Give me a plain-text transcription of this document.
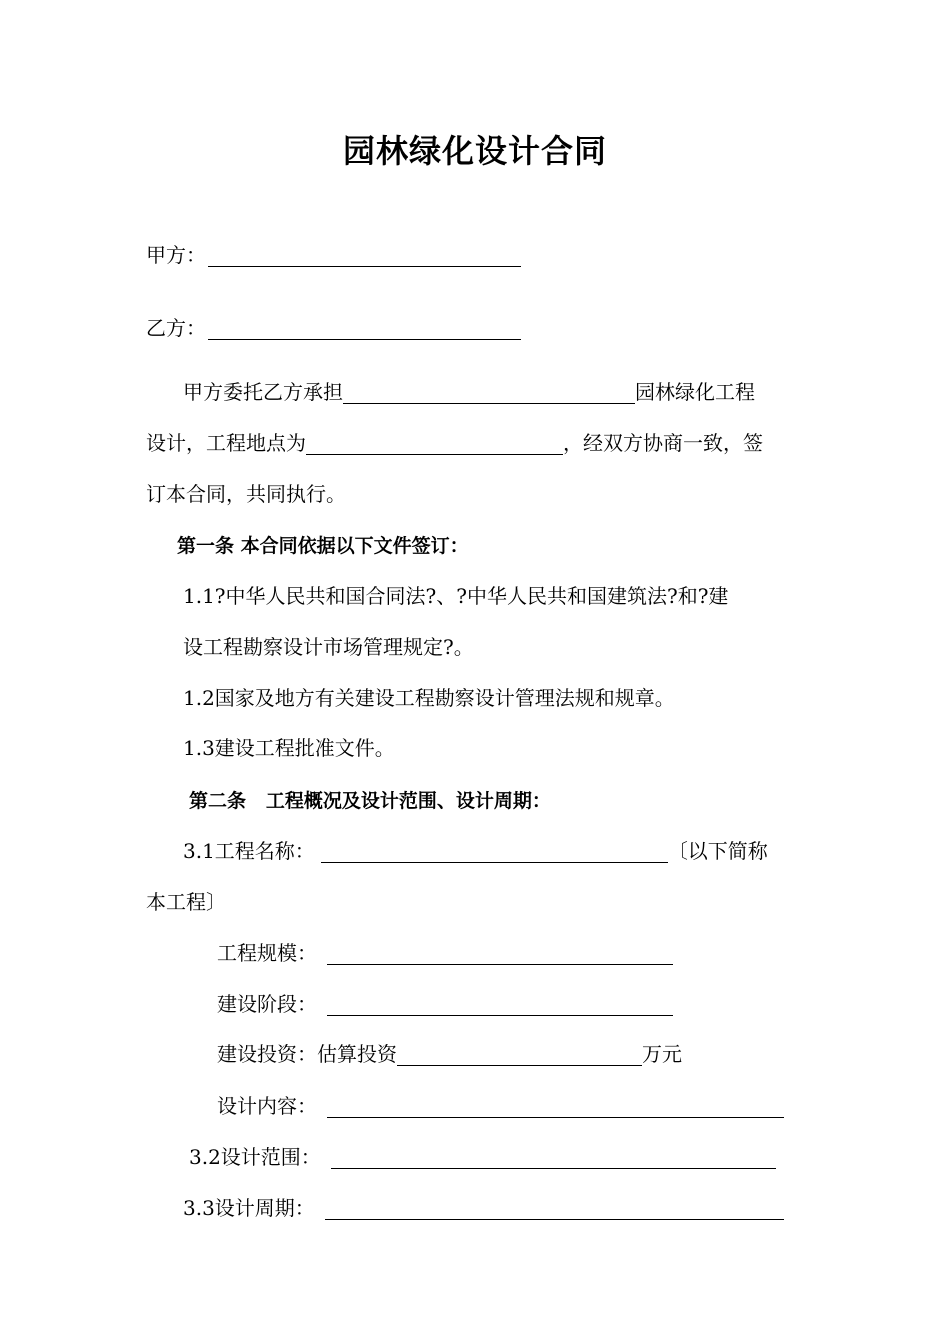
园林绿化设计合同
甲方：
乙方：
甲方委托乙方承担	园林绿化工程
设计，工程地点为	，经双方协商一致，签
订本合同，共同执行。
第一条 本合同依据以下文件签订：
1.1?中华人民共和国合同法?、?中华人民共和国建筑法?和?建
设工程勘察设计市场管理规定?。
1.2国家及地方有关建设工程勘察设计管理法规和规章。
1.3建设工程批准文件。
第二条   工程概况及设计范围、设计周期：
3.1工程名称：	〔以下简称
本工程〕
工程规模：
建设阶段：
建设投资：估算投资	万元
设计内容：
3.2设计范围：
3.3设计周期：
